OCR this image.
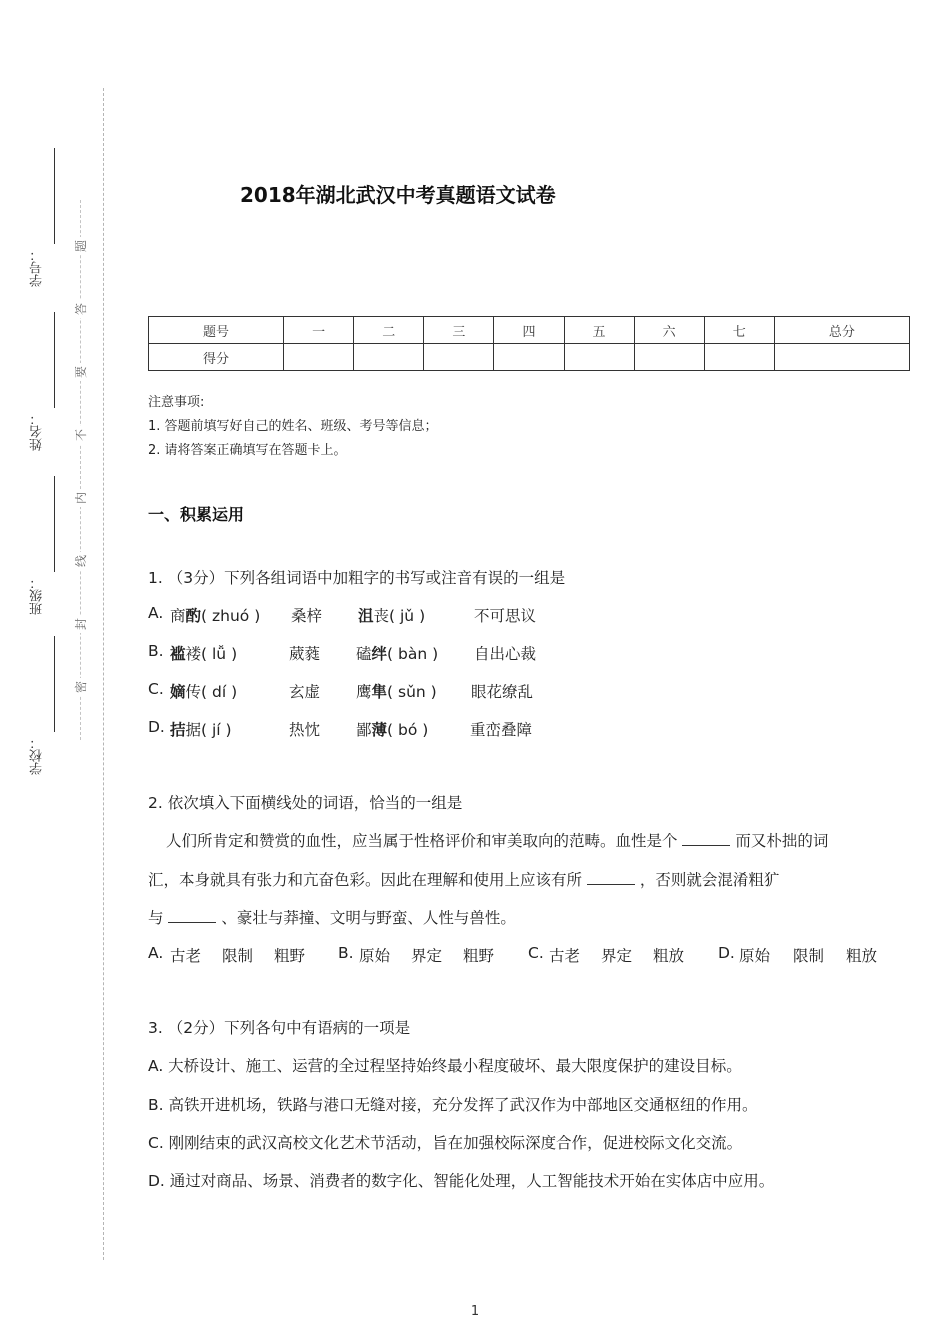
学号：
姓名：
班级：
学校：
题
答
要
不
内
线
封
密
2018年湖北武汉中考真题语文试卷
题号	一	二	三	四	五	六	七	总分
得分								
注意事项:
1. 答题前填写好自己的姓名、班级、考号等信息；
2. 请将答案正确填写在答题卡上。
一、积累运用
1. （3分）下列各组词语中加粗字的书写或注音有误的一组是
A. 商酌( zhuó ) 桑梓 沮丧( jǔ )	不可思议
B. 褴褛( lǚ )	葳蕤 磕绊( bàn ) 自出心裁
C. 嫡传( dí )	玄虚 鹰隼( sǔn ) 眼花缭乱
D. 拮据( jí )	热忱 鄙薄( bó )	重峦叠障
2. 依次填入下面横线处的词语，恰当的一组是
人们所肯定和赞赏的血性，应当属于性格评价和审美取向的范畴。血性是个	而又朴拙的词
汇，本身就具有张力和亢奋色彩。因此在理解和使用上应该有所	，否则就会混淆粗犷
与	、豪壮与莽撞、文明与野蛮、人性与兽性。
A. 古老 限制 粗野 B. 原始 界定 粗野 C. 古老 界定 粗放 D. 原始 限制 粗放
3. （2分）下列各句中有语病的一项是
A. 大桥设计、施工、运营的全过程坚持始终最小程度破坏、最大限度保护的建设目标。
B. 高铁开进机场，铁路与港口无缝对接，充分发挥了武汉作为中部地区交通枢纽的作用。
C. 刚刚结束的武汉高校文化艺术节活动，旨在加强校际深度合作，促进校际文化交流。
D. 通过对商品、场景、消费者的数字化、智能化处理，人工智能技术开始在实体店中应用。
1
